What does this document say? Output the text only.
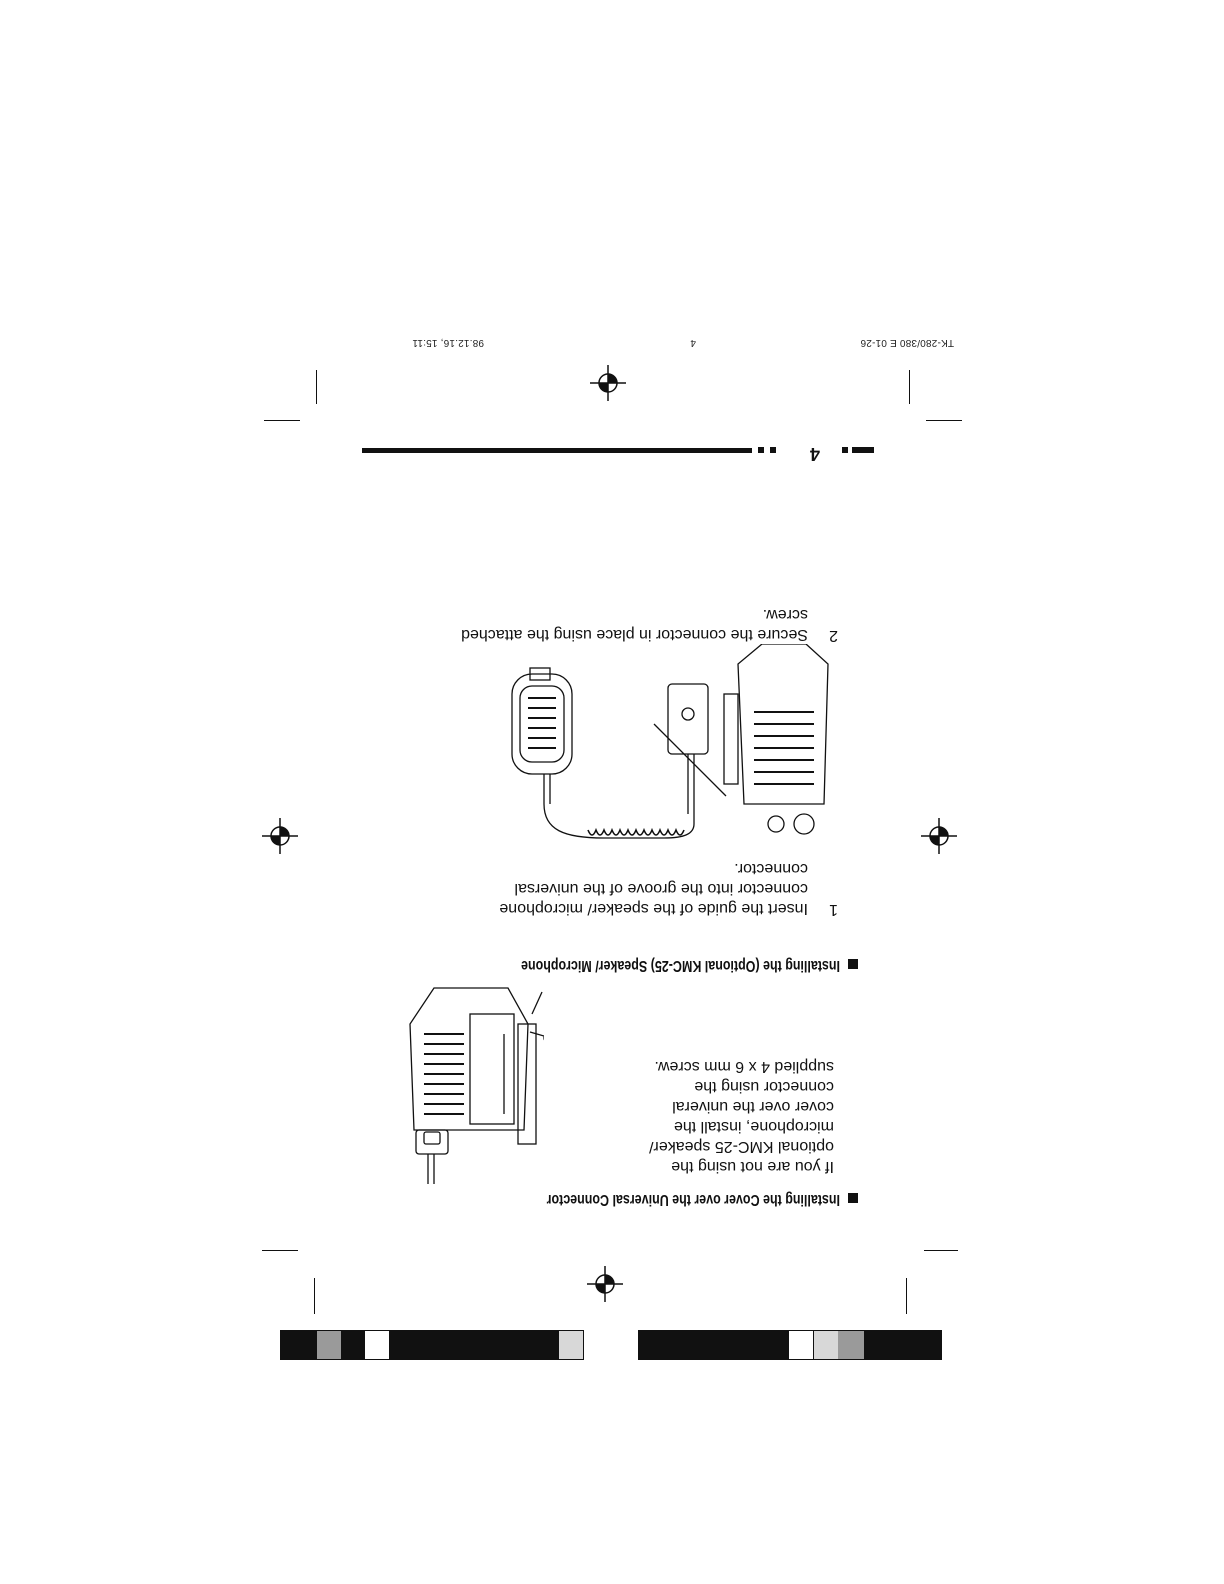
TK-280/380 E 01-26
4
98.12.16, 15:11
4
Installing the Cover over the Universal Connector
If you are not using the
optional KMC-25 speaker/
microphone, install the
cover over the univeral
connector using the
supplied 4 x 6 mm screw.
Installing the (Optional KMC-25) Speaker/ Microphone
1
Insert the guide of the speaker/ microphone
connector into the groove of the universal
connector.
2
Secure the connector in place using the attached
screw.
